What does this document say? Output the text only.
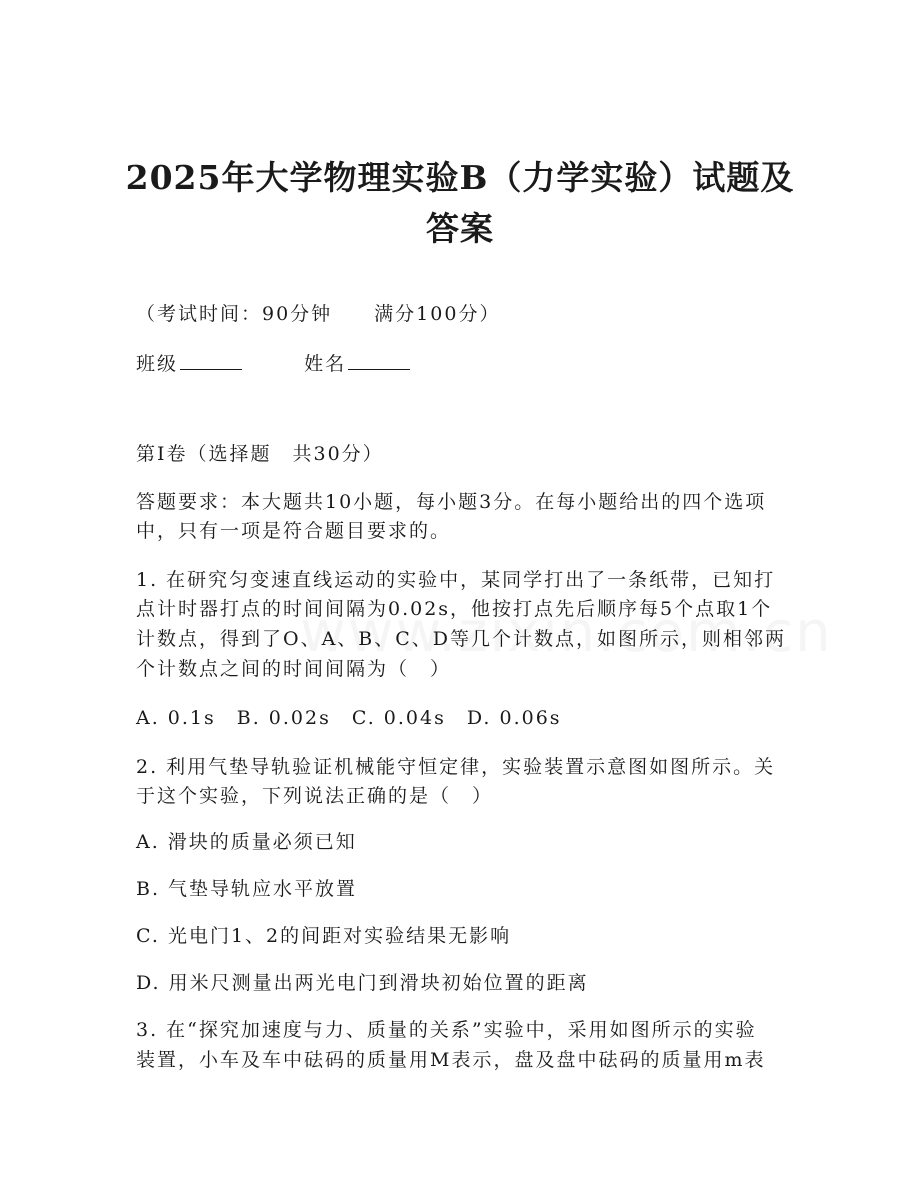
2025年大学物理实验B（力学实验）试题及
答案
（考试时间：90分钟　　满分100分）
班级	姓名
第Ⅰ卷（选择题　共30分）
答题要求：本大题共10小题，每小题3分。在每小题给出的四个选项
中，只有一项是符合题目要求的。
1. 在研究匀变速直线运动的实验中，某同学打出了一条纸带，已知打
点计时器打点的时间间隔为0.02s，他按打点先后顺序每5个点取1个
计数点，得到了O、A、B、C、D等几个计数点，如图所示，则相邻两
个计数点之间的时间间隔为（　）
A. 0.1s　B. 0.02s　C. 0.04s　D. 0.06s
2. 利用气垫导轨验证机械能守恒定律，实验装置示意图如图所示。关
于这个实验，下列说法正确的是（　）
A. 滑块的质量必须已知
B. 气垫导轨应水平放置
C. 光电门1、2的间距对实验结果无影响
D. 用米尺测量出两光电门到滑块初始位置的距离
3. 在“探究加速度与力、质量的关系”实验中，采用如图所示的实验
装置，小车及车中砝码的质量用M表示，盘及盘中砝码的质量用m表
